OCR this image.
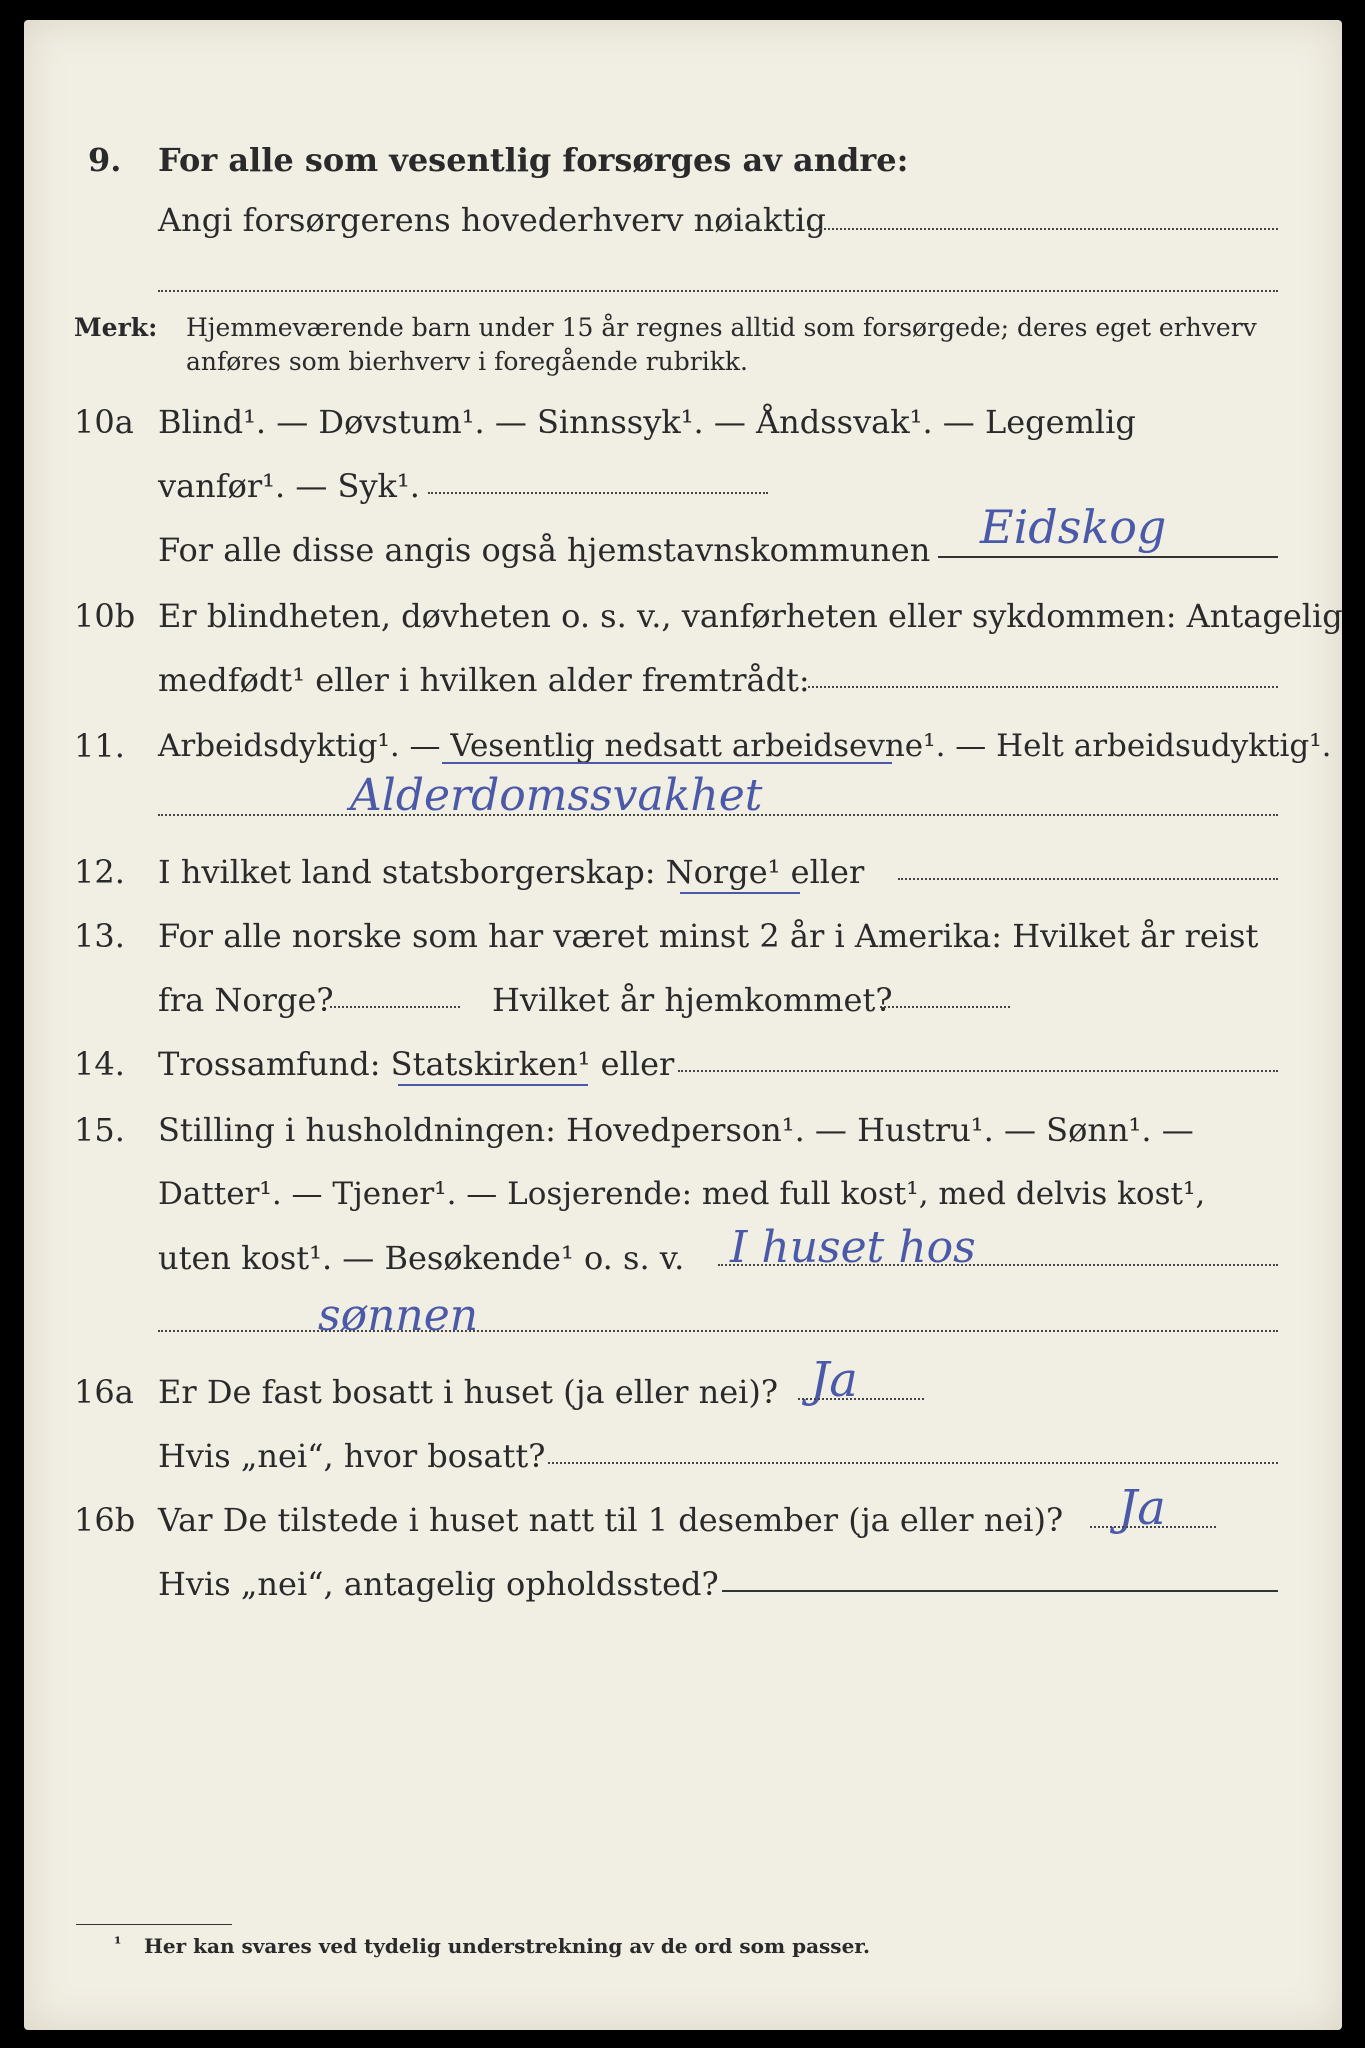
9. For alle som vesentlig forsørges av andre:
Angi forsørgerens hovederhverv nøiaktig
Merk: Hjemmeværende barn under 15 år regnes alltid som forsørgede; deres eget erhverv
anføres som bierhverv i foregående rubrikk.
10a Blind¹. — Døvstum¹. — Sinnssyk¹. — Åndssvak¹. — Legemlig
vanfør¹. — Syk¹.
For alle disse angis også hjemstavnskommunen Eidskog
10b Er blindheten, døvheten o. s. v., vanførheten eller sykdommen: Antagelig
medfødt¹ eller i hvilken alder fremtrådt:
11. Arbeidsdyktig¹. — Vesentlig nedsatt arbeidsevne¹. — Helt arbeidsudyktig¹.
Alderdomssvakhet
12. I hvilket land statsborgerskap: Norge¹ eller
13. For alle norske som har været minst 2 år i Amerika: Hvilket år reist
fra Norge?	Hvilket år hjemkommet?
14. Trossamfund: Statskirken¹ eller
15. Stilling i husholdningen: Hovedperson¹. — Hustru¹. — Sønn¹. —
Datter¹. — Tjener¹. — Losjerende: med full kost¹, med delvis kost¹,
uten kost¹. — Besøkende¹ o. s. v. I huset hos
sønnen
16a Er De fast bosatt i huset (ja eller nei)? Ja
Hvis „nei“, hvor bosatt?
16b Var De tilstede i huset natt til 1 desember (ja eller nei)? Ja
Hvis „nei“, antagelig opholdssted?
¹ Her kan svares ved tydelig understrekning av de ord som passer.
